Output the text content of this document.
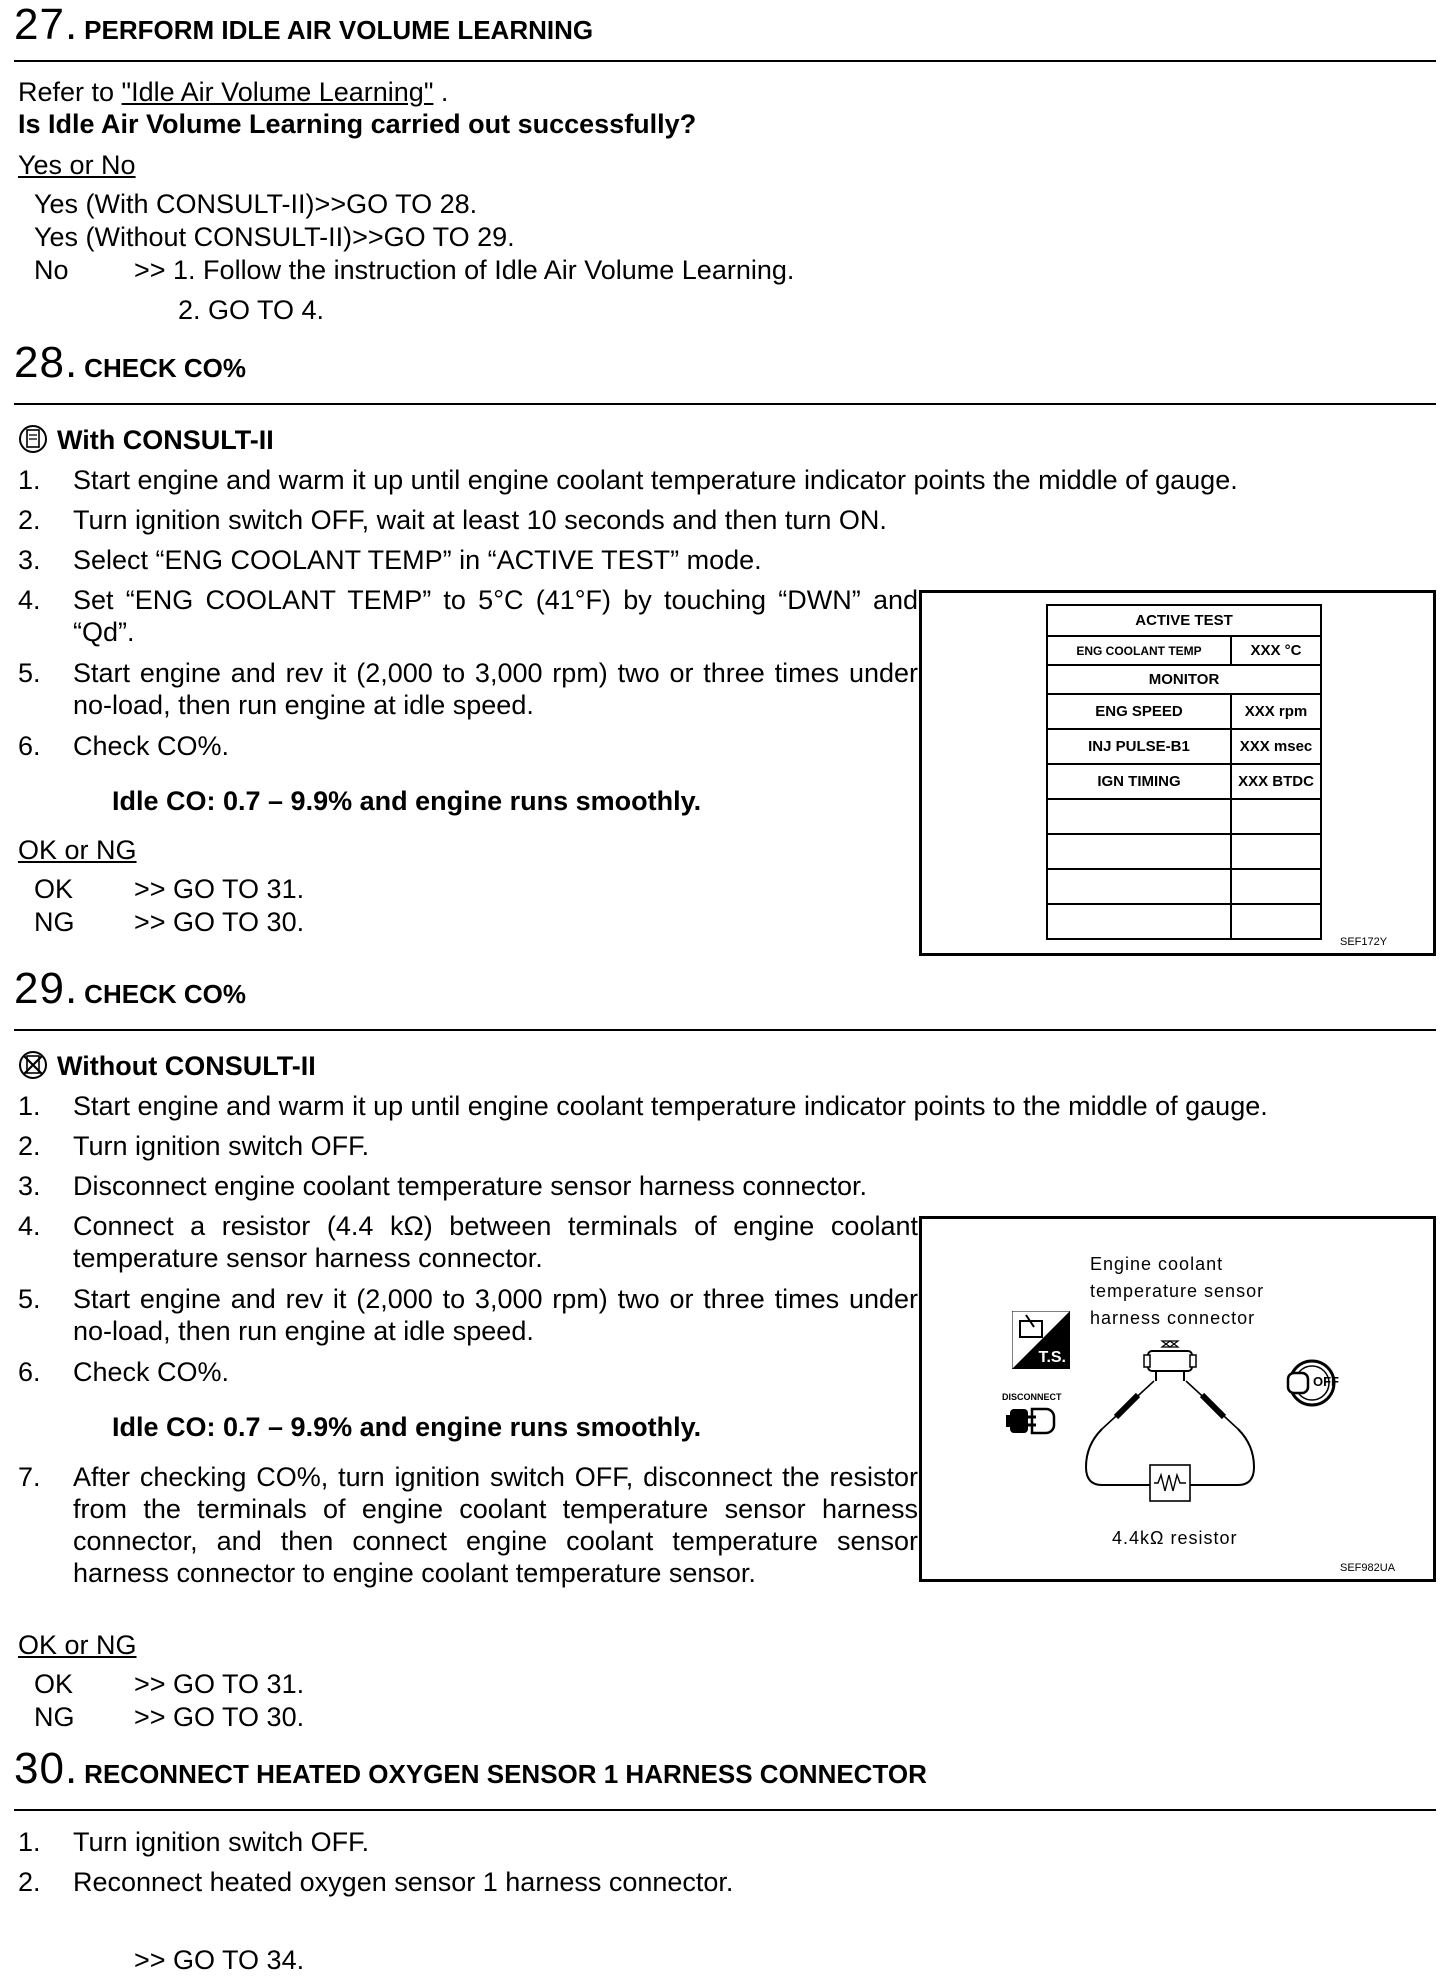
27. PERFORM IDLE AIR VOLUME LEARNING
Refer to "Idle Air Volume Learning" .
Is Idle Air Volume Learning carried out successfully?
Yes or No
Yes (With CONSULT-II)>>GO TO 28.
Yes (Without CONSULT-II)>>GO TO 29.
No >> 1. Follow the instruction of Idle Air Volume Learning.
2. GO TO 4.
28. CHECK CO%
With CONSULT-II
1. Start engine and warm it up until engine coolant temperature indicator points the middle of gauge.
2. Turn ignition switch OFF, wait at least 10 seconds and then turn ON.
3. Select “ENG COOLANT TEMP” in “ACTIVE TEST” mode.
4. Set “ENG COOLANT TEMP” to 5°C (41°F) by touching “DWN” and “Qd”.
5. Start engine and rev it (2,000 to 3,000 rpm) two or three times under no-load, then run engine at idle speed.
6. Check CO%.
Idle CO: 0.7 – 9.9% and engine runs smoothly.
OK or NG
OK >> GO TO 31.
NG >> GO TO 30.
ACTIVE TEST	
ENG COOLANT TEMP	XXX °C
MONITOR	
ENG SPEED	XXX rpm
INJ PULSE-B1	XXX msec
IGN TIMING	XXX BTDC

SEF172Y
29. CHECK CO%
Without CONSULT-II
1. Start engine and warm it up until engine coolant temperature indicator points to the middle of gauge.
2. Turn ignition switch OFF.
3. Disconnect engine coolant temperature sensor harness connector.
4. Connect a resistor (4.4 kΩ) between terminals of engine coolant temperature sensor harness connector.
5. Start engine and rev it (2,000 to 3,000 rpm) two or three times under no-load, then run engine at idle speed.
6. Check CO%.
Idle CO: 0.7 – 9.9% and engine runs smoothly.
7. After checking CO%, turn ignition switch OFF, disconnect the resistor from the terminals of engine coolant temperature sensor harness connector, and then connect engine coolant temperature sensor harness connector to engine coolant temperature sensor.
OK or NG
OK >> GO TO 31.
NG >> GO TO 30.
Engine coolant
temperature sensor
harness connector
T.S.
DISCONNECT
OFF
4.4kΩ resistor
SEF982UA
30. RECONNECT HEATED OXYGEN SENSOR 1 HARNESS CONNECTOR
1. Turn ignition switch OFF.
2. Reconnect heated oxygen sensor 1 harness connector.
>> GO TO 34.
